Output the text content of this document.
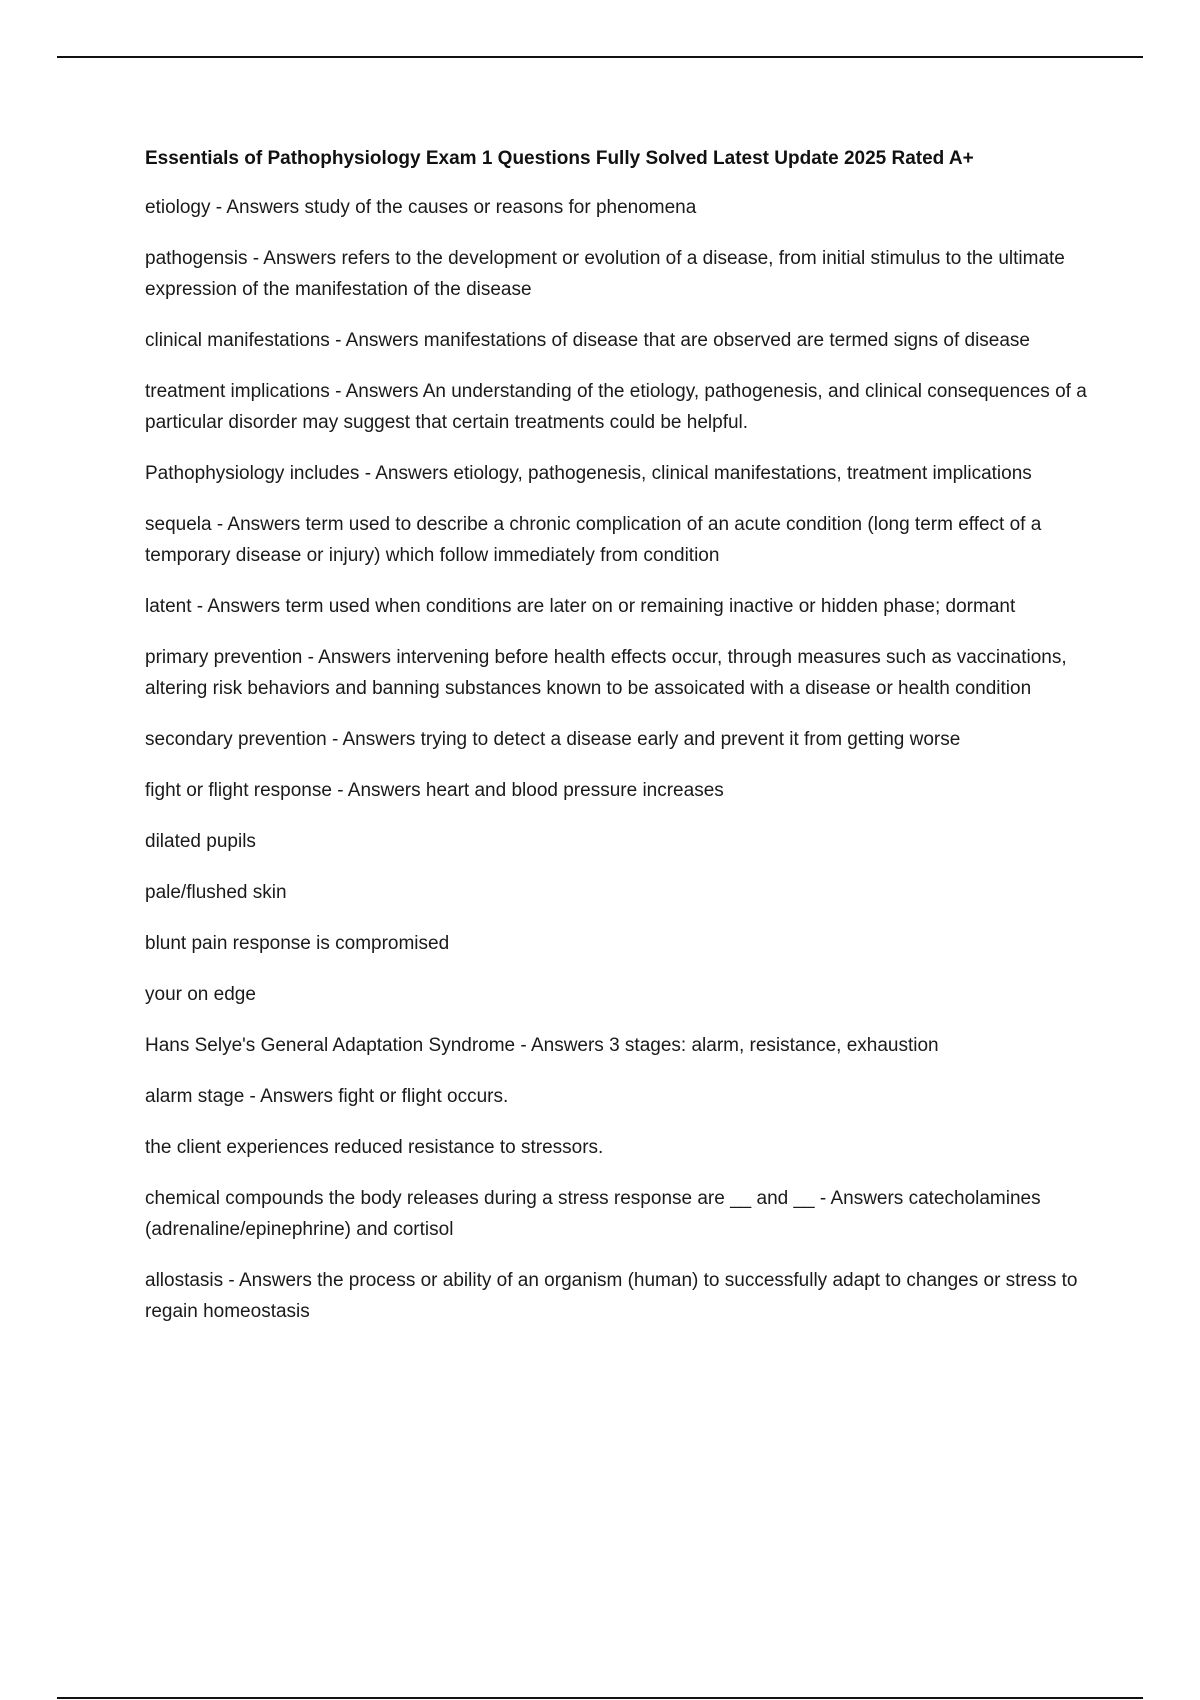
Essentials of Pathophysiology Exam 1 Questions Fully Solved Latest Update 2025 Rated A+

etiology - Answers study of the causes or reasons for phenomena

pathogensis - Answers refers to the development or evolution of a disease, from initial stimulus to the ultimate expression of the manifestation of the disease

clinical manifestations - Answers manifestations of disease that are observed are termed signs of disease

treatment implications - Answers An understanding of the etiology, pathogenesis, and clinical consequences of a particular disorder may suggest that certain treatments could be helpful.

Pathophysiology includes - Answers etiology, pathogenesis, clinical manifestations, treatment implications

sequela - Answers term used to describe a chronic complication of an acute condition (long term effect of a temporary disease or injury) which follow immediately from condition

latent - Answers term used when conditions are later on or remaining inactive or hidden phase; dormant

primary prevention - Answers intervening before health effects occur, through measures such as vaccinations, altering risk behaviors and banning substances known to be assoicated with a disease or health condition

secondary prevention - Answers trying to detect a disease early and prevent it from getting worse

fight or flight response - Answers heart and blood pressure increases

dilated pupils

pale/flushed skin

blunt pain response is compromised

your on edge

Hans Selye's General Adaptation Syndrome - Answers 3 stages: alarm, resistance, exhaustion

alarm stage - Answers fight or flight occurs.

the client experiences reduced resistance to stressors.

chemical compounds the body releases during a stress response are __ and __ - Answers catecholamines (adrenaline/epinephrine) and cortisol

allostasis - Answers the process or ability of an organism (human) to successfully adapt to changes or stress to regain homeostasis
